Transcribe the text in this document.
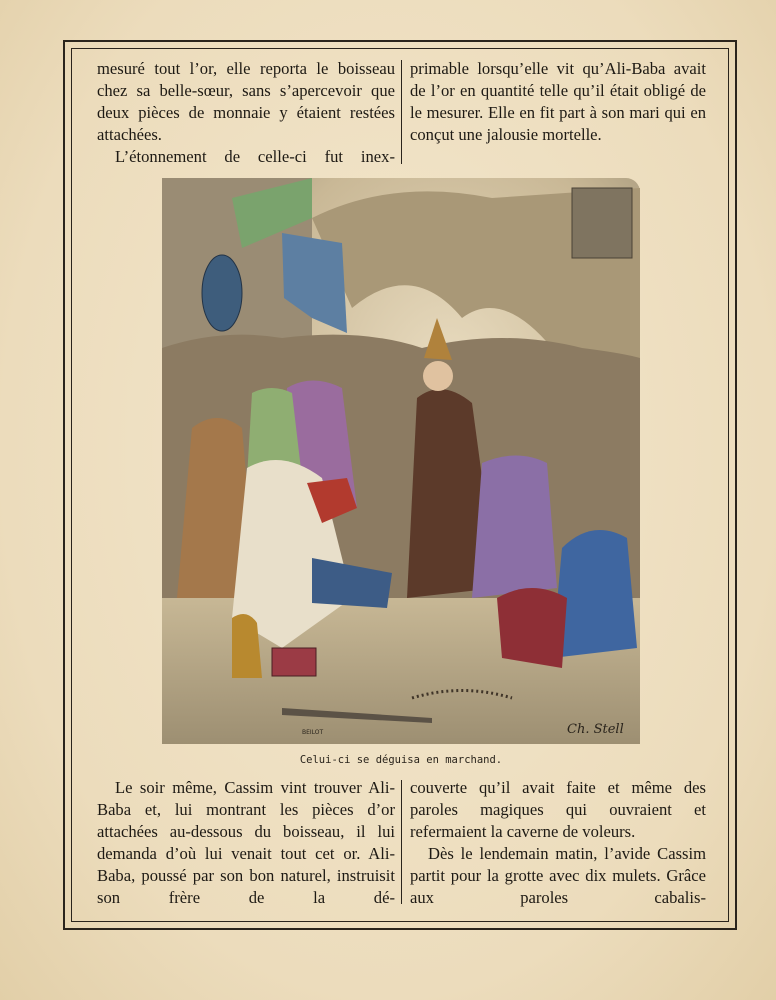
mesuré tout l’or, elle reporta le boisseau chez sa belle-sœur, sans s’apercevoir que deux pièces de monnaie y étaient restées attachées.

L’étonnement de celle-ci fut inex-

primable lorsqu’elle vit qu’Ali-Baba avait de l’or en quantité telle qu’il était obligé de le mesurer. Elle en fit part à son mari qui en conçut une jalousie mortelle.

Ch. Stell
BEILOT
Celui-ci se déguisa en marchand.

Le soir même, Cassim vint trouver Ali-Baba et, lui montrant les pièces d’or attachées au-dessous du boisseau, il lui demanda d’où lui venait tout cet or. Ali-Baba, poussé par son bon naturel, instruisit son frère de la dé-

couverte qu’il avait faite et même des paroles magiques qui ouvraient et refermaient la caverne de voleurs.

Dès le lendemain matin, l’avide Cassim partit pour la grotte avec dix mulets. Grâce aux paroles cabalis-
